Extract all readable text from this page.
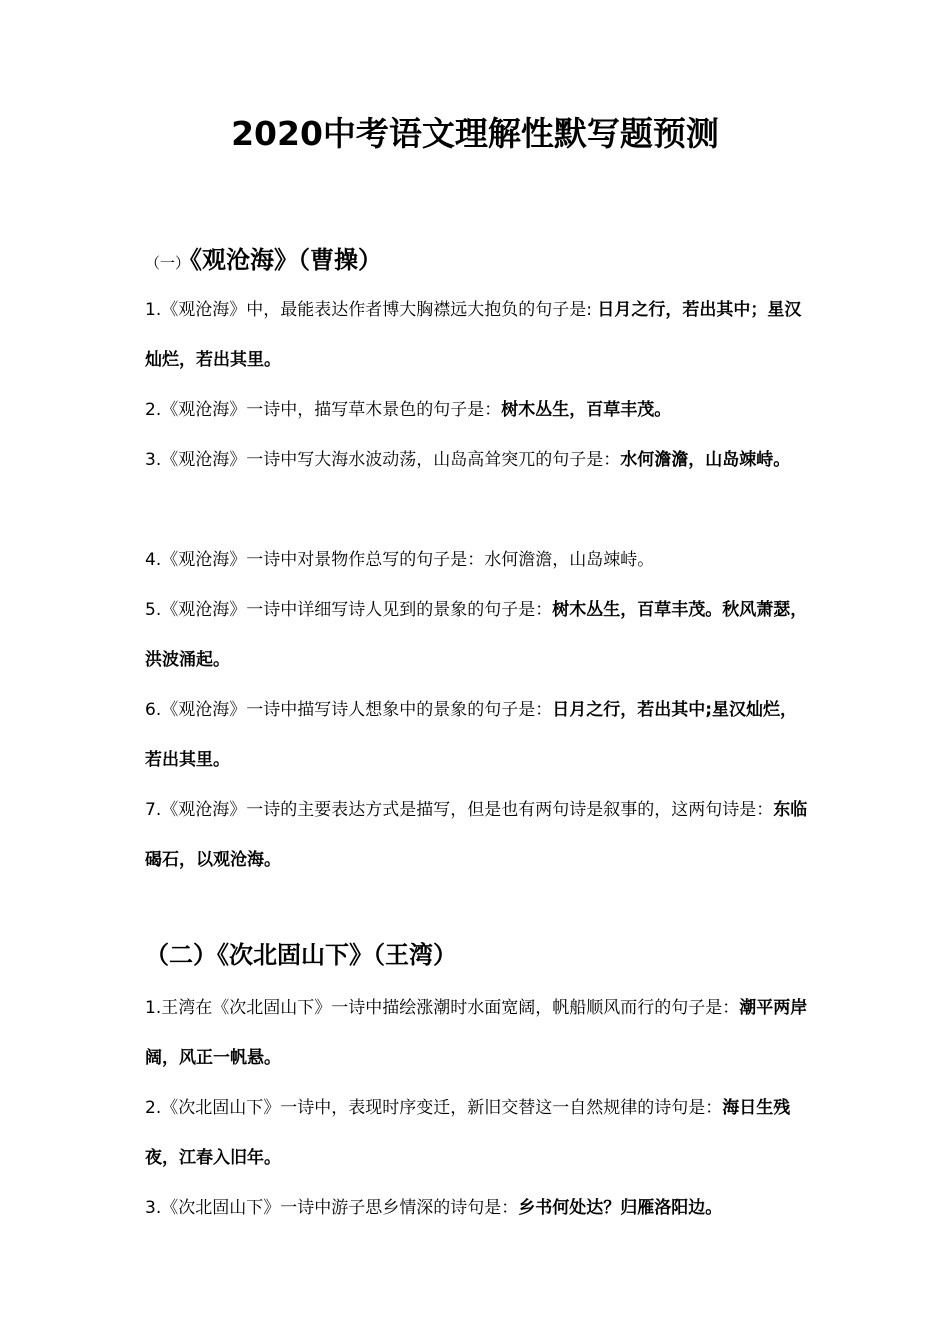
2020中考语文理解性默写题预测
（一）《观沧海》（曹操）
1.《观沧海》中，最能表达作者博大胸襟远大抱负的句子是: 日月之行，若出其中；星汉灿烂，若出其里。
2.《观沧海》一诗中，描写草木景色的句子是：树木丛生，百草丰茂。
3.《观沧海》一诗中写大海水波动荡，山岛高耸突兀的句子是：水何澹澹，山岛竦峙。
4.《观沧海》一诗中对景物作总写的句子是：水何澹澹，山岛竦峙。
5.《观沧海》一诗中详细写诗人见到的景象的句子是：树木丛生，百草丰茂。秋风萧瑟，洪波涌起。
6.《观沧海》一诗中描写诗人想象中的景象的句子是：日月之行，若出其中;星汉灿烂，若出其里。
7.《观沧海》一诗的主要表达方式是描写，但是也有两句诗是叙事的，这两句诗是：东临碣石，以观沧海。
（二）《次北固山下》（王湾）
1.王湾在《次北固山下》一诗中描绘涨潮时水面宽阔，帆船顺风而行的句子是：潮平两岸阔，风正一帆悬。
2.《次北固山下》一诗中，表现时序变迁，新旧交替这一自然规律的诗句是：海日生残夜，江春入旧年。
3.《次北固山下》一诗中游子思乡情深的诗句是：乡书何处达？归雁洛阳边。
